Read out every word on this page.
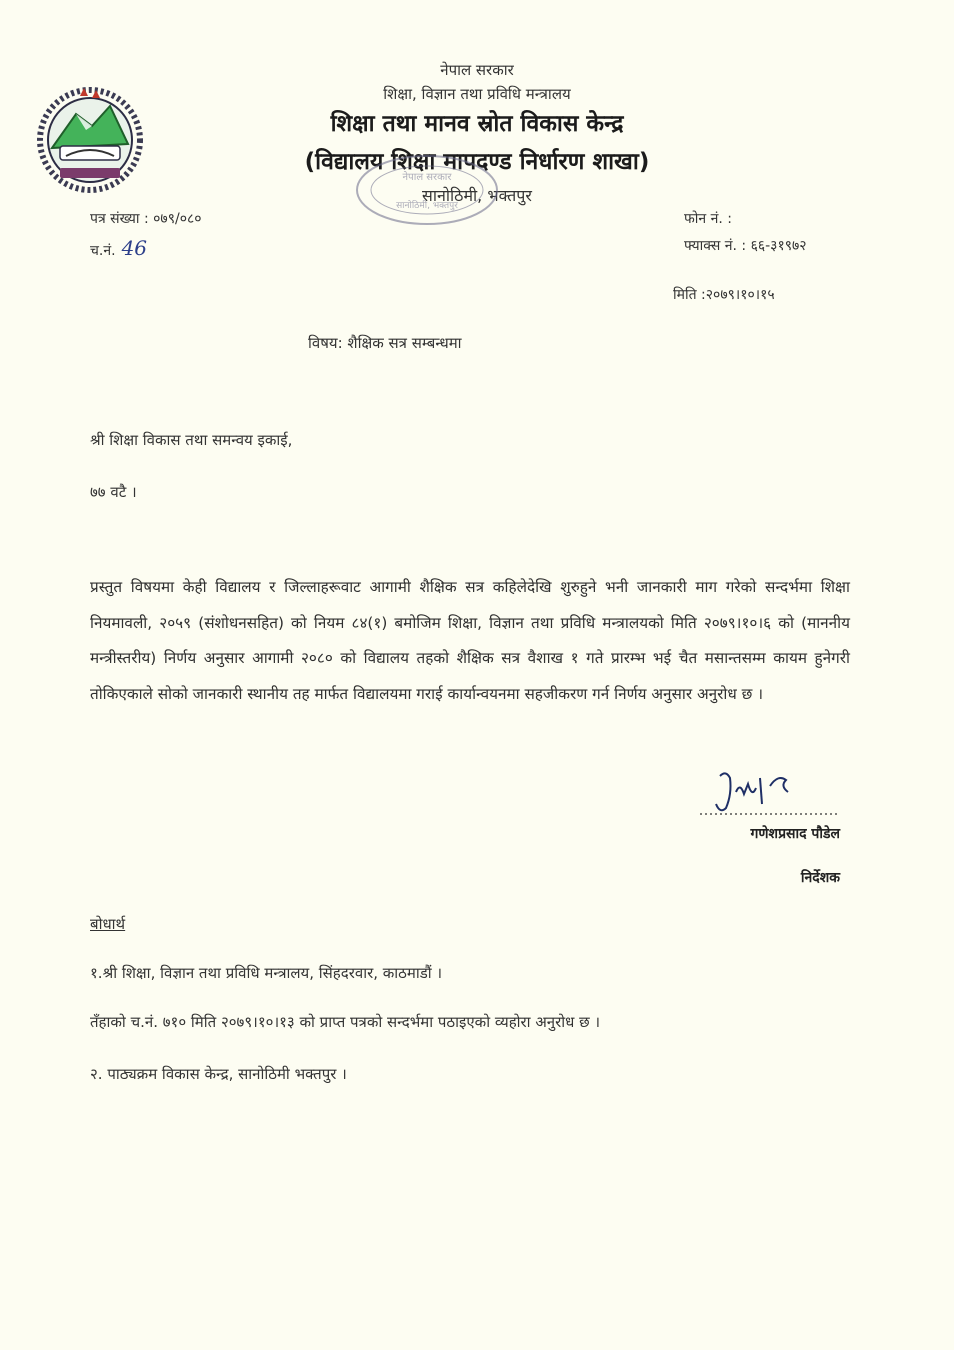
नेपाल सरकार
शिक्षा, विज्ञान तथा प्रविधि मन्त्रालय
शिक्षा तथा मानव स्रोत विकास केन्द्र
(विद्यालय शिक्षा मापदण्ड निर्धारण शाखा)
सानोठिमी, भक्तपुर
नेपाल सरकार
सानोठिमी, भक्तपुर
पत्र संख्या : ०७९/०८०
च.नं. 46
फोन नं. :
फ्याक्स नं. : ६६-३१९७२
मिति :२०७९।१०।१५
विषय: शैक्षिक सत्र सम्बन्धमा
श्री शिक्षा विकास तथा समन्वय इकाई,
७७ वटै ।
प्रस्तुत विषयमा केही विद्यालय र जिल्लाहरूवाट आगामी शैक्षिक सत्र कहिलेदेखि शुरुहुने भनी जानकारी माग गरेको सन्दर्भमा शिक्षा नियमावली, २०५९ (संशोधनसहित) को नियम ८४(१) बमोजिम शिक्षा, विज्ञान तथा प्रविधि मन्त्रालयको मिति २०७९।१०।६ को (माननीय मन्त्रीस्तरीय) निर्णय अनुसार आगामी २०८० को विद्यालय तहको शैक्षिक सत्र वैशाख १ गते प्रारम्भ भई चैत मसान्तसम्म कायम हुनेगरी तोकिएकाले सोको जानकारी स्थानीय तह मार्फत विद्यालयमा गराई कार्यान्वयनमा सहजीकरण गर्न निर्णय अनुसार अनुरोध छ ।
गणेशप्रसाद पौडेल
निर्देशक
बोधार्थ
१.श्री शिक्षा, विज्ञान तथा प्रविधि मन्त्रालय, सिंहदरवार, काठमाडौं ।
तँहाको च.नं. ७१० मिति २०७९।१०।१३ को प्राप्त पत्रको सन्दर्भमा पठाइएको व्यहोरा अनुरोध छ ।
२. पाठ्यक्रम विकास केन्द्र, सानोठिमी भक्तपुर ।
